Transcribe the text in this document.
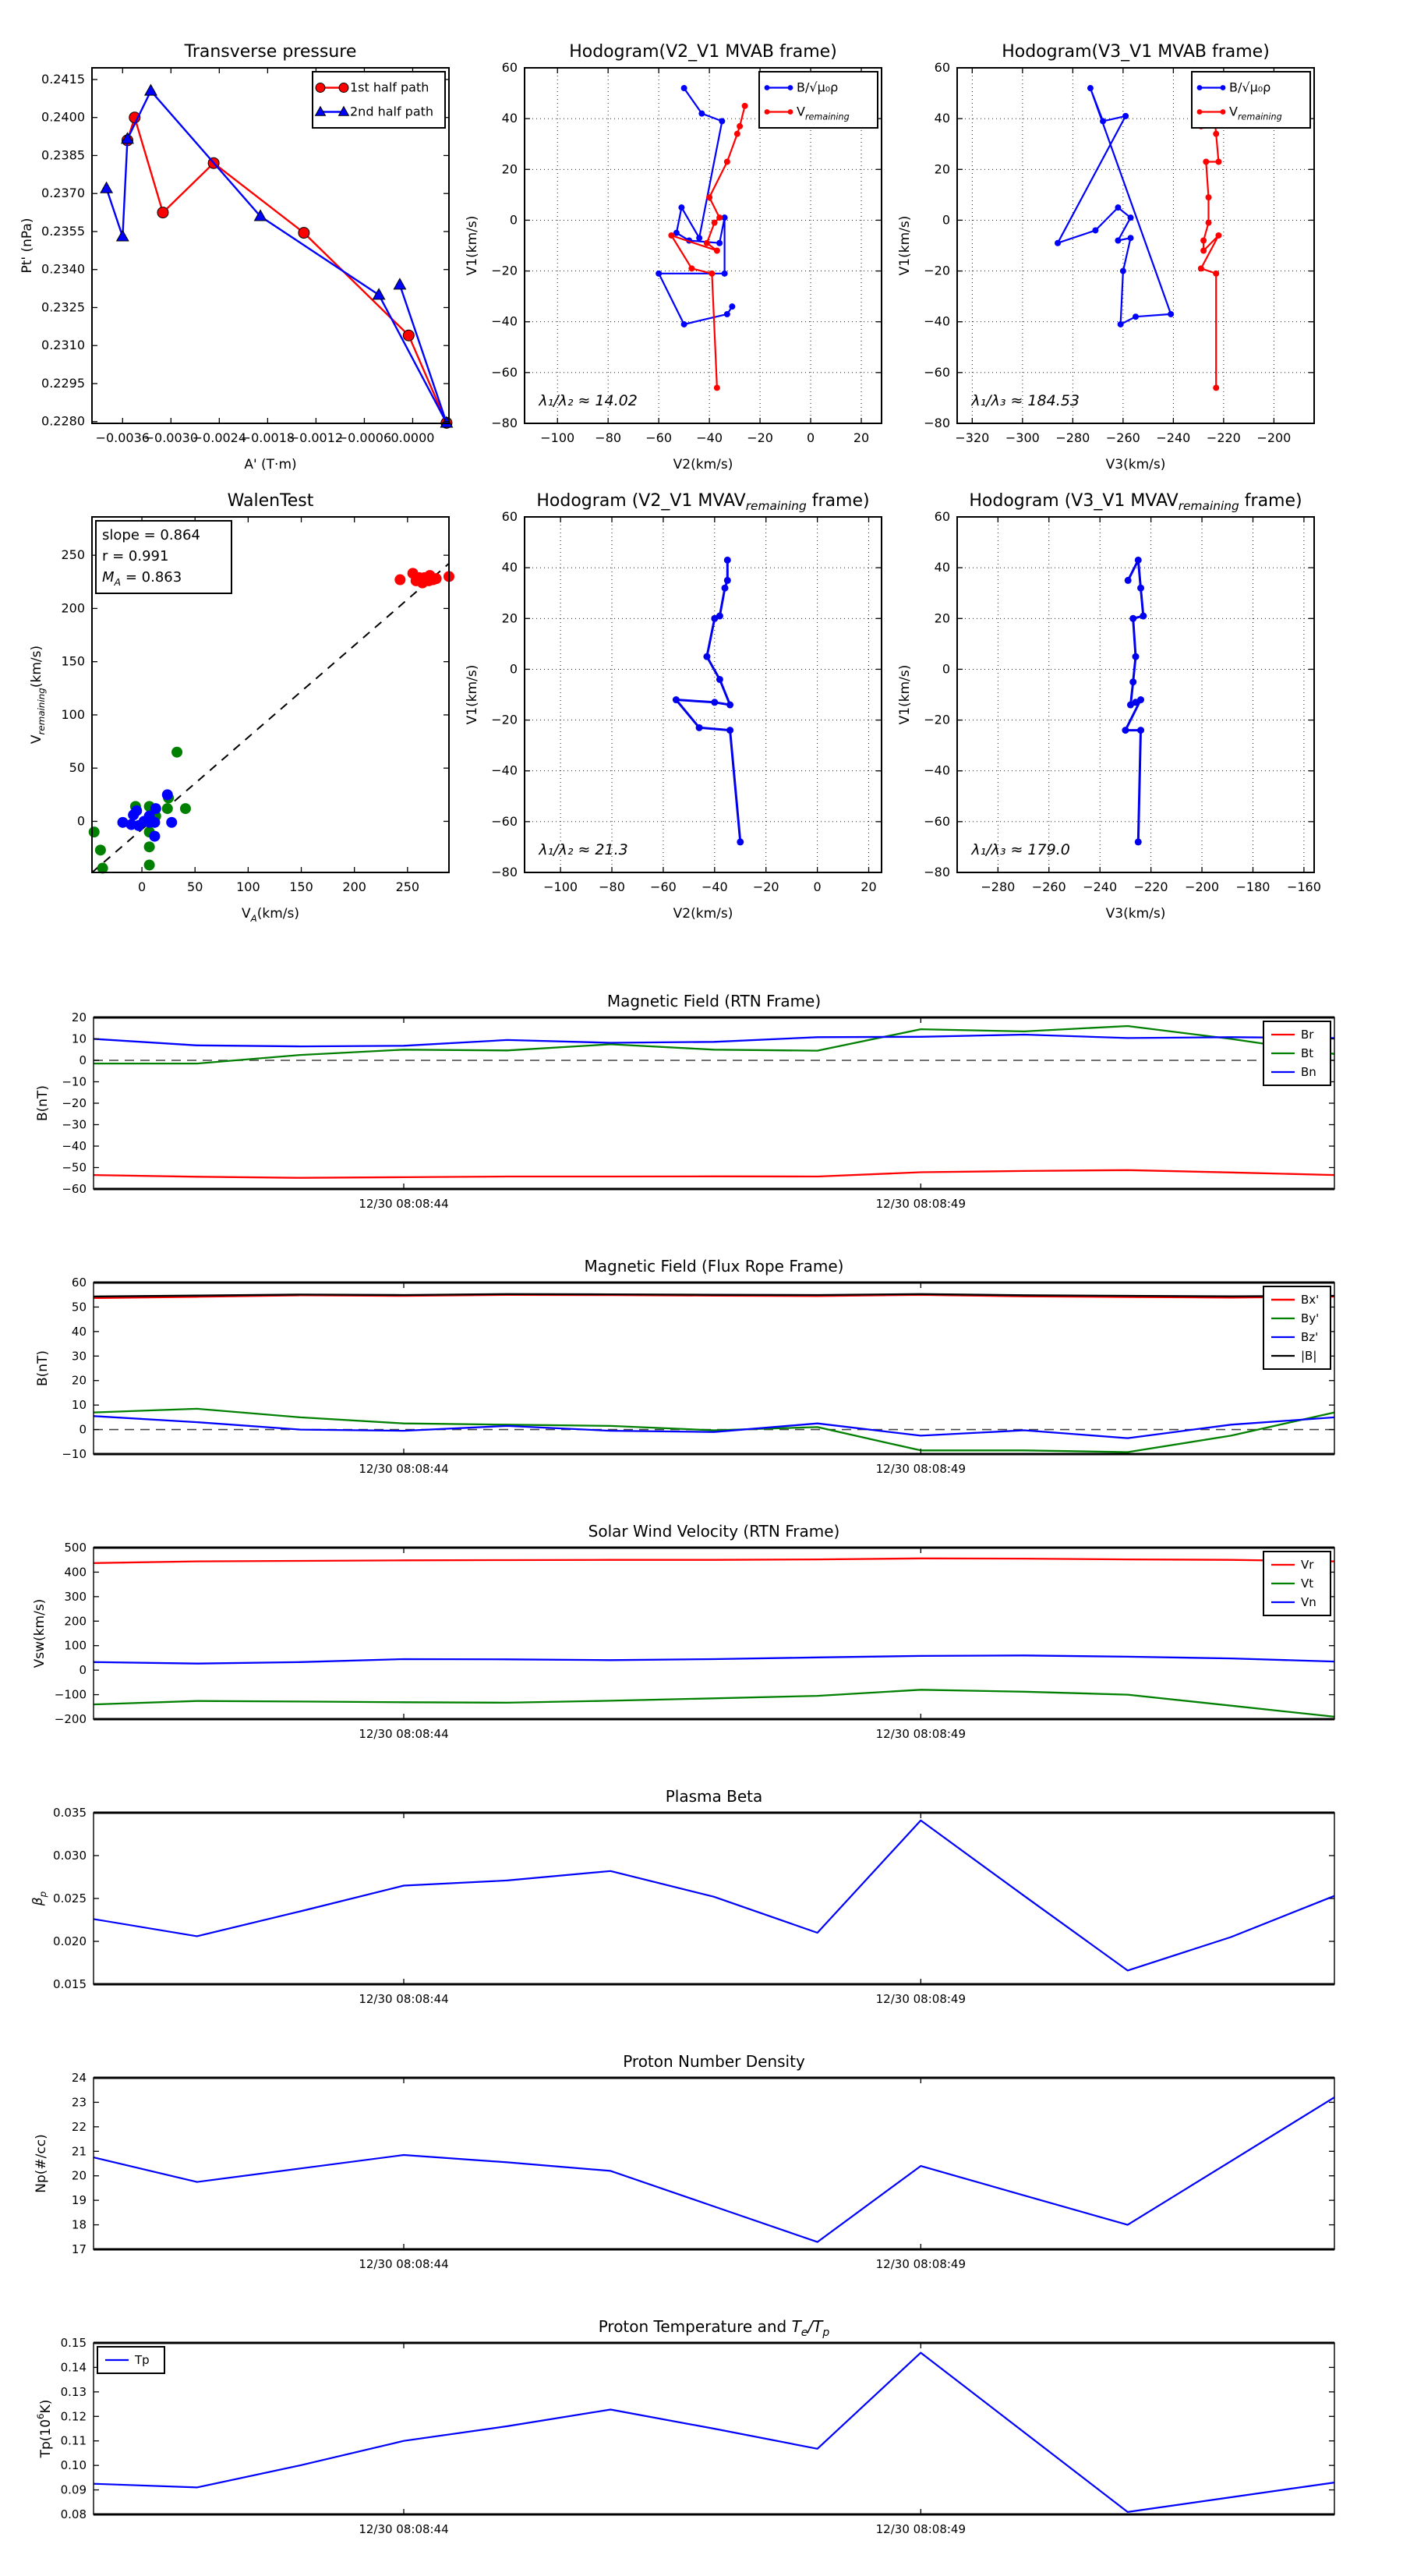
−0.0036
−0.0030
−0.0024
−0.0018
−0.0012
−0.0006 0.0000
0.2280
0.2295
0.2310
0.2325
0.2340
0.2355
0.2370
0.2385
0.2400
0.2415
Transverse pressure
A' (T·m)
Pt' (nPa)
1st half path
2nd half path
−100 −80 −60 −40 −20	0	20
−80
−60
−40
−20
0
20
40
60
Hodogram(V2_V1 MVAB frame)
V2(km/s)
V1(km/s)
λ₁/λ₂ ≈ 14.02
B/√μ₀ρ
$V_{remaining}$
−320 −300 −280 −260 −240 −220 −200
−80
−60
−40
−20
0
20
40
60
Hodogram(V3_V1 MVAB frame)
V3(km/s)
V1(km/s)
λ₁/λ₃ ≈ 184.53
B/√μ₀ρ
$V_{remaining}$
0	50	100 150 200 250
0
50
100
150
200
250
WalenTest
$V_A(km/s)$
$V_{remaining}(km/s)$
slope = 0.864
r = 0.991
$M_A = 0.863$
−100 −80 −60 −40 −20	0	20
−80
−60
−40
−20
0
20
40
60
Hodogram (V2_V1 $MVAV_{remaining}$ frame)
V2(km/s)
V1(km/s)
λ₁/λ₂ ≈ 21.3
−280 −260 −240 −220 −200 −180 −160
−80
−60
−40
−20
0
20
40
60
Hodogram (V3_V1 $MVAV_{remaining}$ frame)
V3(km/s)
V1(km/s)
λ₁/λ₃ ≈ 179.0
12/30 08:08:44	12/30 08:08:49
−60
−50
−40
−30
−20
−10
0
10
20
Magnetic Field (RTN Frame)
B(nT)
Br
Bt
Bn
12/30 08:08:44	12/30 08:08:49
−10
0
10
20
30
40
50
60
Magnetic Field (Flux Rope Frame)
B(nT)
Bx'
By'
Bz'
|B|
12/30 08:08:44	12/30 08:08:49
−200
−100
0
100
200
300
400
500
Solar Wind Velocity (RTN Frame)
Vsw(km/s)
Vr
Vt
Vn
12/30 08:08:44	12/30 08:08:49
0.015
0.020
0.025
0.030
0.035
Plasma Beta
$\beta_p$
12/30 08:08:44	12/30 08:08:49
17
18
19
20
21
22
23
24
Proton Number Density
Np(#/cc)
12/30 08:08:44	12/30 08:08:49
0.08
0.09
0.10
0.11
0.12
0.13
0.14
0.15
Proton Temperature and $T_e/T_p$
$Tp(10^6K)$
Tp
